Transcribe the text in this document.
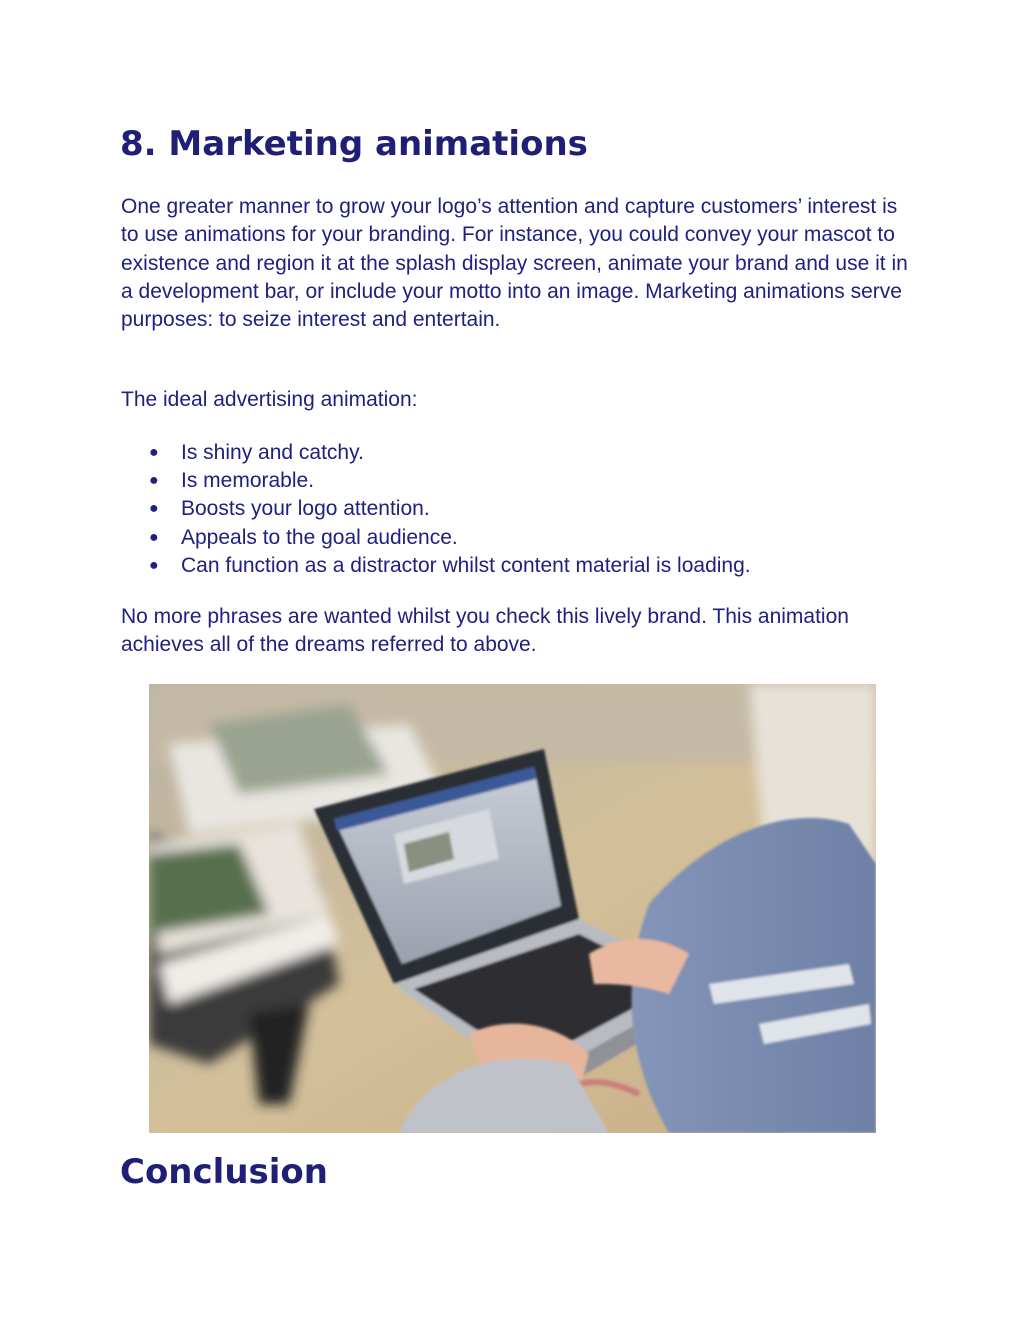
8. Marketing animations

One greater manner to grow your logo’s attention and capture customers’ interest is to use animations for your branding. For instance, you could convey your mascot to existence and region it at the splash display screen, animate your brand and use it in a development bar, or include your motto into an image. Marketing animations serve purposes: to seize interest and entertain.

The ideal advertising animation:

● Is shiny and catchy.
● Is memorable.
● Boosts your logo attention.
● Appeals to the goal audience.
● Can function as a distractor whilst content material is loading.

No more phrases are wanted whilst you check this lively brand. This animation achieves all of the dreams referred to above.

Conclusion
